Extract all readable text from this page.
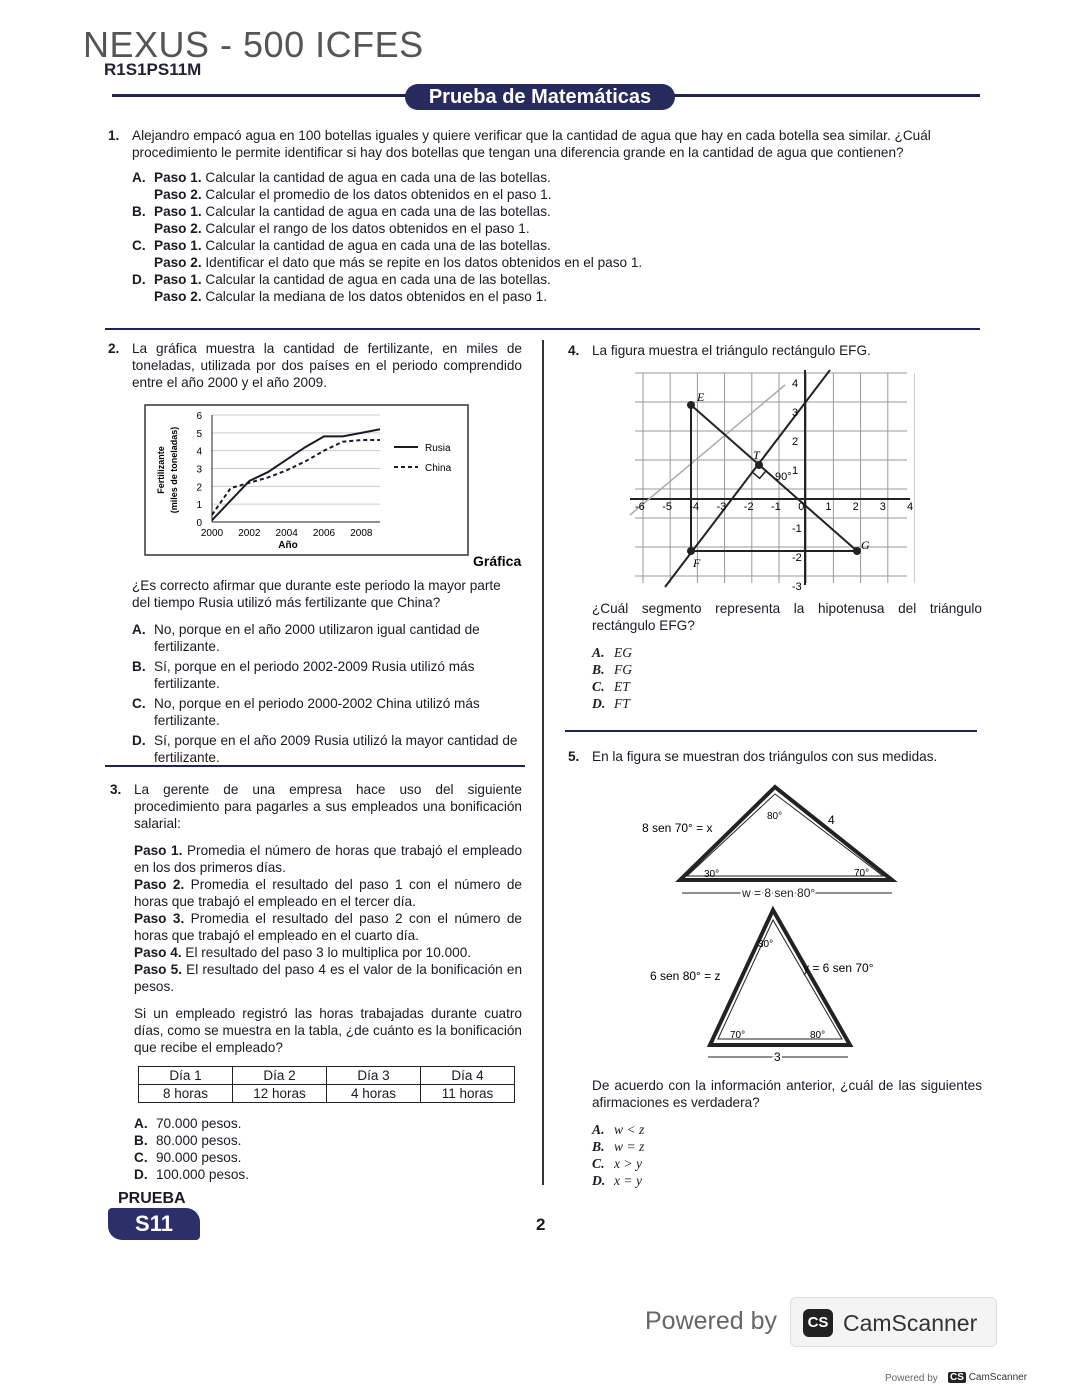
NEXUS - 500 ICFES
R1S1PS11M
Prueba de Matemáticas
1. Alejandro empacó agua en 100 botellas iguales y quiere verificar que la cantidad de agua que hay en cada botella sea similar. ¿Cuál procedimiento le permite identificar si hay dos botellas que tengan una diferencia grande en la cantidad de agua que contienen?
A. Paso 1. Calcular la cantidad de agua en cada una de las botellas.
Paso 2. Calcular el promedio de los datos obtenidos en el paso 1.
B. Paso 1. Calcular la cantidad de agua en cada una de las botellas.
Paso 2. Calcular el rango de los datos obtenidos en el paso 1.
C. Paso 1. Calcular la cantidad de agua en cada una de las botellas.
Paso 2. Identificar el dato que más se repite en los datos obtenidos en el paso 1.
D. Paso 1. Calcular la cantidad de agua en cada una de las botellas.
Paso 2. Calcular la mediana de los datos obtenidos en el paso 1.
2. La gráfica muestra la cantidad de fertilizante, en miles de toneladas, utilizada por dos países en el periodo comprendido entre el año 2000 y el año 2009.
0
1
2
3
4
5
6
2000 2002 2004 2006 2008
Año
Fertilizante (miles de toneladas)	Rusia
China
Gráfica
¿Es correcto afirmar que durante este periodo la mayor parte del tiempo Rusia utilizó más fertilizante que China?
A. No, porque en el año 2000 utilizaron igual cantidad de fertilizante.
B. Sí, porque en el periodo 2002-2009 Rusia utilizó más fertilizante.
C. No, porque en el periodo 2000-2002 China utilizó más fertilizante.
D. Sí, porque en el año 2009 Rusia utilizó la mayor cantidad de fertilizante.
3. La gerente de una empresa hace uso del siguiente procedimiento para pagarles a sus empleados una bonificación salarial:
Paso 1. Promedia el número de horas que trabajó el empleado en los dos primeros días.
Paso 2. Promedia el resultado del paso 1 con el número de horas que trabajó el empleado en el tercer día.
Paso 3. Promedia el resultado del paso 2 con el número de horas que trabajó el empleado en el cuarto día.
Paso 4. El resultado del paso 3 lo multiplica por 10.000.
Paso 5. El resultado del paso 4 es el valor de la bonificación en pesos.
Si un empleado registró las horas trabajadas durante cuatro días, como se muestra en la tabla, ¿de cuánto es la bonificación que recibe el empleado?
Día 1	Día 2	Día 3	Día 4
8 horas	12 horas	4 horas	11 horas
A. 70.000 pesos.
B. 80.000 pesos.
C. 90.000 pesos.
D. 100.000 pesos.
4. La figura muestra el triángulo rectángulo EFG.
E
F
G
T
90°
-6 -5 -4 -3 -2 -1 0 1 2 3 4
4
3
2
1
-1
-2
-3
¿Cuál segmento representa la hipotenusa del triángulo rectángulo EFG?
A. EG
B. FG
C. ET
D. FT
5. En la figura se muestran dos triángulos con sus medidas.
8 sen 70° = x
4
80°
30°	70°
w = 8 sen 80°
6 sen 80° = z
y = 6 sen 70°
30°
70°	80°
3
De acuerdo con la información anterior, ¿cuál de las siguientes afirmaciones es verdadera?
A. w < z
B. w = z
C. x > y
D. x = y
PRUEBA
S11	2
Powered by	CS CamScanner
Powered by CS CamScanner
